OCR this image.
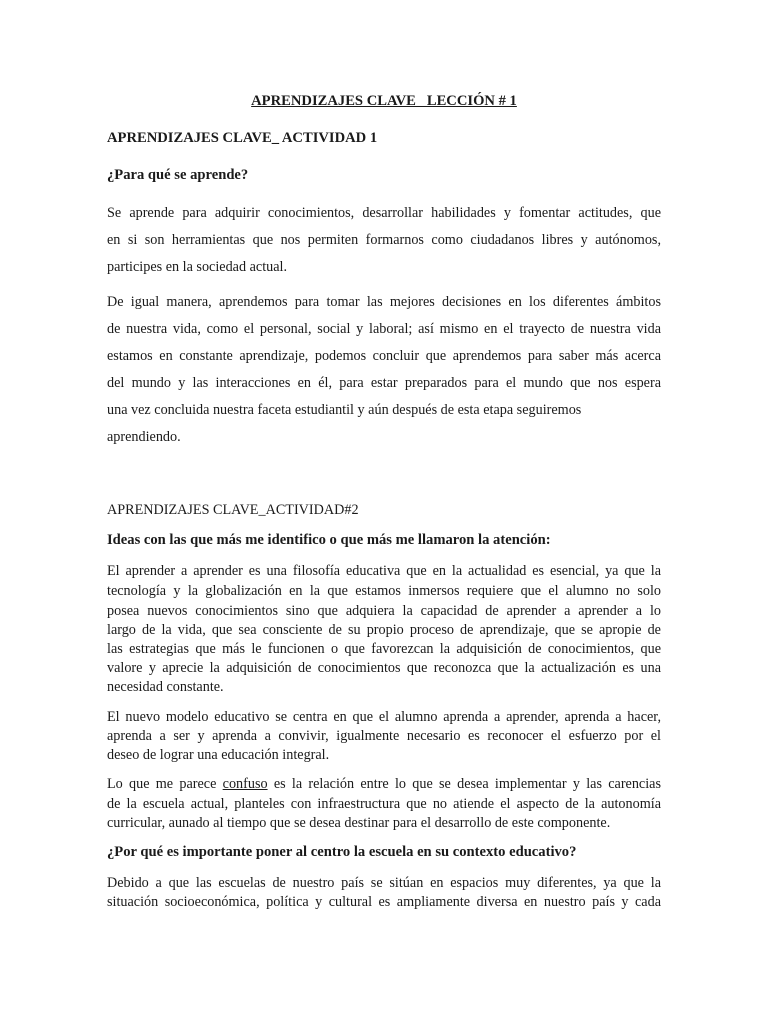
APRENDIZAJES CLAVE   LECCIÓN # 1
APRENDIZAJES CLAVE_ ACTIVIDAD 1
¿Para qué se aprende?
Se aprende para adquirir conocimientos, desarrollar habilidades y fomentar actitudes, que
en si son herramientas que nos permiten formarnos como ciudadanos libres y autónomos,
participes en la sociedad actual.
De igual manera, aprendemos para tomar las mejores decisiones en los diferentes ámbitos
de nuestra vida, como el personal, social y laboral; así mismo en el trayecto de nuestra vida
estamos en constante aprendizaje, podemos concluir que aprendemos para saber más acerca
del mundo y las interacciones en él, para estar preparados para el mundo que nos espera
una vez concluida nuestra faceta estudiantil y aún después de esta etapa seguiremos
aprendiendo.
APRENDIZAJES CLAVE_ACTIVIDAD#2
Ideas con las que más me identifico o que más me llamaron la atención:
El aprender a aprender es una filosofía educativa que en la actualidad es esencial, ya que la
tecnología y la globalización en la que estamos inmersos requiere que el alumno no solo
posea nuevos conocimientos sino que adquiera la capacidad de aprender a aprender a lo
largo de la vida, que sea consciente de su propio proceso de aprendizaje, que se apropie de
las estrategias que más le funcionen o que favorezcan la adquisición de conocimientos, que
valore y aprecie la adquisición de conocimientos que reconozca que la actualización es una
necesidad constante.
El nuevo modelo educativo se centra en que el alumno aprenda a aprender, aprenda a hacer,
aprenda a ser y aprenda a convivir, igualmente necesario es reconocer el esfuerzo por el
deseo de lograr una educación integral.
Lo que me parece confuso es la relación entre lo que se desea implementar y las carencias
de la escuela actual, planteles con infraestructura que no atiende el aspecto de la autonomía
curricular, aunado al tiempo que se desea destinar para el desarrollo de este componente.
¿Por qué es importante poner al centro la escuela en su contexto educativo?
Debido a que las escuelas de nuestro país se sitúan en espacios muy diferentes, ya que la
situación socioeconómica, política y cultural es ampliamente diversa en nuestro país y cada
